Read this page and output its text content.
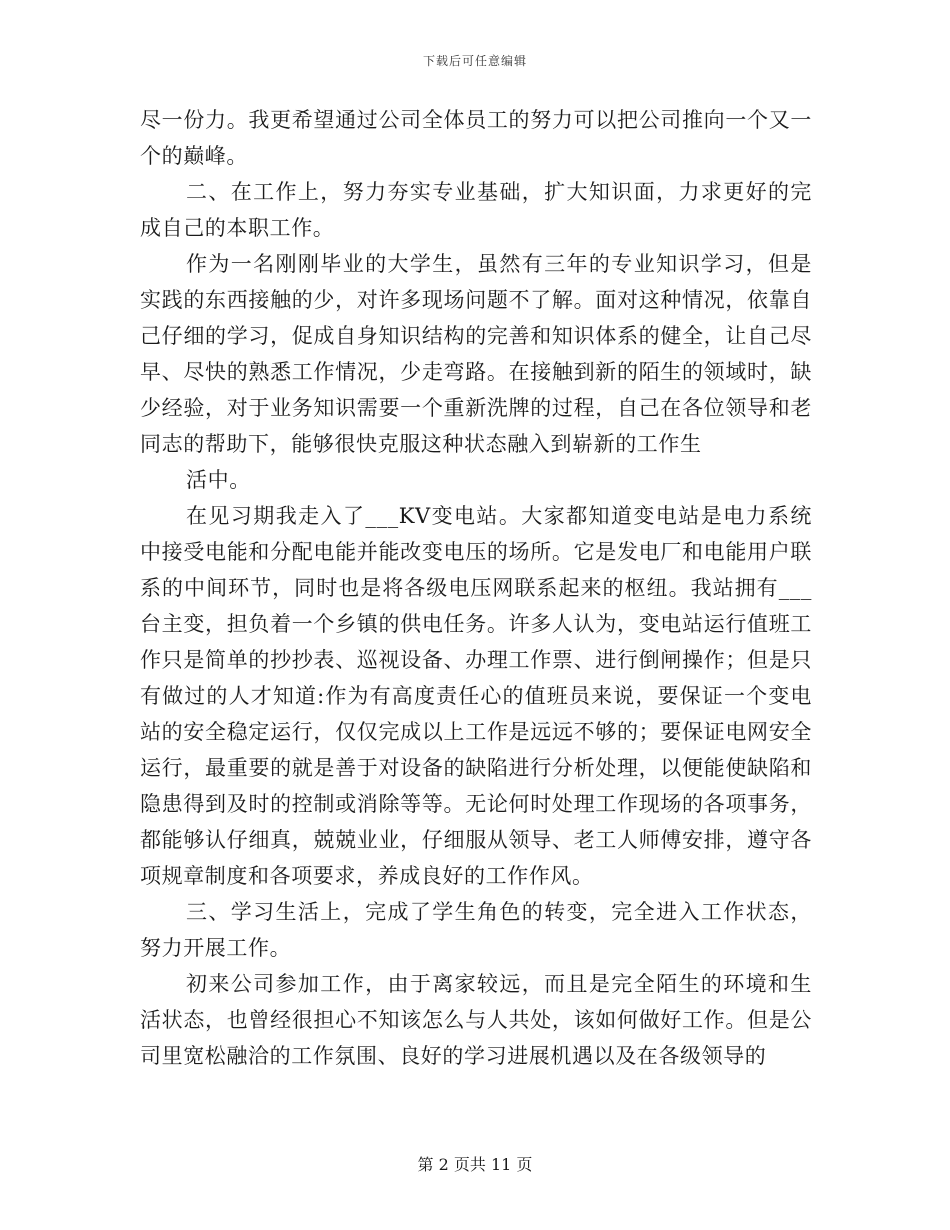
下载后可任意编辑

尽一份力。我更希望通过公司全体员工的努力可以把公司推向一个又一个的巅峰。

二、在工作上，努力夯实专业基础，扩大知识面，力求更好的完成自己的本职工作。

作为一名刚刚毕业的大学生，虽然有三年的专业知识学习，但是实践的东西接触的少，对许多现场问题不了解。面对这种情况，依靠自己仔细的学习，促成自身知识结构的完善和知识体系的健全，让自己尽早、尽快的熟悉工作情况，少走弯路。在接触到新的陌生的领域时，缺少经验，对于业务知识需要一个重新洗牌的过程，自己在各位领导和老同志的帮助下，能够很快克服这种状态融入到崭新的工作生

活中。

在见习期我走入了___KV变电站。大家都知道变电站是电力系统中接受电能和分配电能并能改变电压的场所。它是发电厂和电能用户联系的中间环节，同时也是将各级电压网联系起来的枢纽。我站拥有___台主变，担负着一个乡镇的供电任务。许多人认为，变电站运行值班工作只是简单的抄抄表、巡视设备、办理工作票、进行倒闸操作；但是只有做过的人才知道:作为有高度责任心的值班员来说，要保证一个变电站的安全稳定运行，仅仅完成以上工作是远远不够的；要保证电网安全运行，最重要的就是善于对设备的缺陷进行分析处理，以便能使缺陷和隐患得到及时的控制或消除等等。无论何时处理工作现场的各项事务，都能够认仔细真，兢兢业业，仔细服从领导、老工人师傅安排，遵守各项规章制度和各项要求，养成良好的工作作风。

三、学习生活上，完成了学生角色的转变，完全进入工作状态，努力开展工作。

初来公司参加工作，由于离家较远，而且是完全陌生的环境和生活状态，也曾经很担心不知该怎么与人共处，该如何做好工作。但是公司里宽松融洽的工作氛围、良好的学习进展机遇以及在各级领导的

第 2 页共 11 页
